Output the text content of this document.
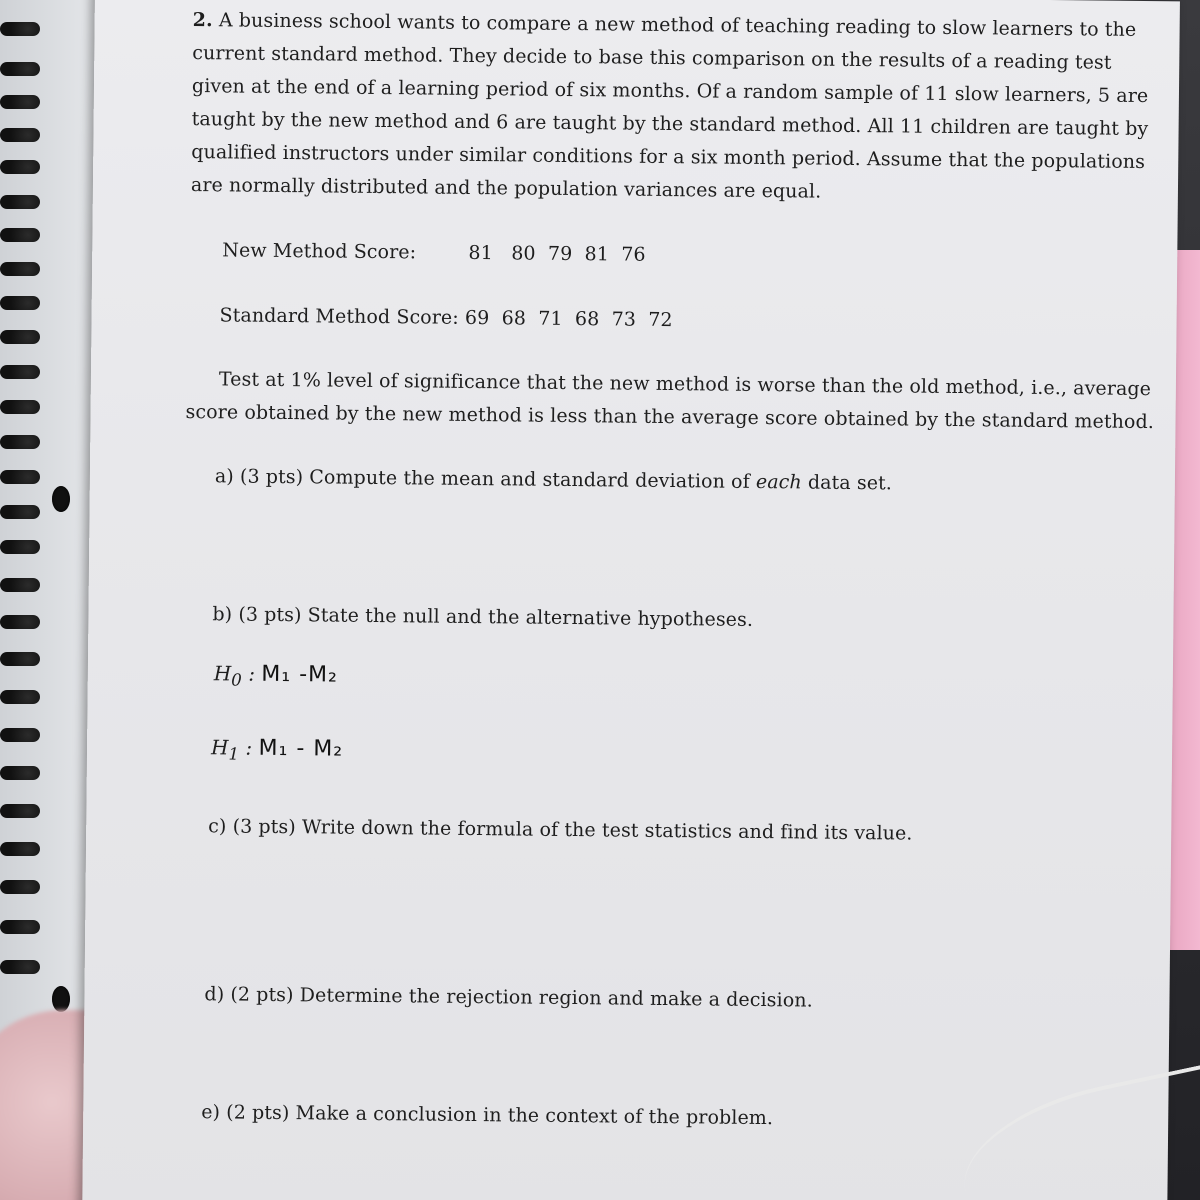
2. A business school wants to compare a new method of teaching reading to slow learners to the
current standard method. They decide to base this comparison on the results of a reading test
given at the end of a learning period of six months. Of a random sample of 11 slow learners, 5 are
taught by the new method and 6 are taught by the standard method. All 11 children are taught by
qualified instructors under similar conditions for a six month period. Assume that the populations
are normally distributed and the population variances are equal.
New Method Score:	81 80 79 81 76
Standard Method Score: 69 68 71 68 73 72
Test at 1% level of significance that the new method is worse than the old method, i.e., average
score obtained by the new method is less than the average score obtained by the standard method.
a) (3 pts) Compute the mean and standard deviation of each data set.
b) (3 pts) State the null and the alternative hypotheses.
$H_0$ : M₁ -M₂
$H_1$ : M₁ - M₂
c) (3 pts) Write down the formula of the test statistics and find its value.
d) (2 pts) Determine the rejection region and make a decision.
e) (2 pts) Make a conclusion in the context of the problem.
